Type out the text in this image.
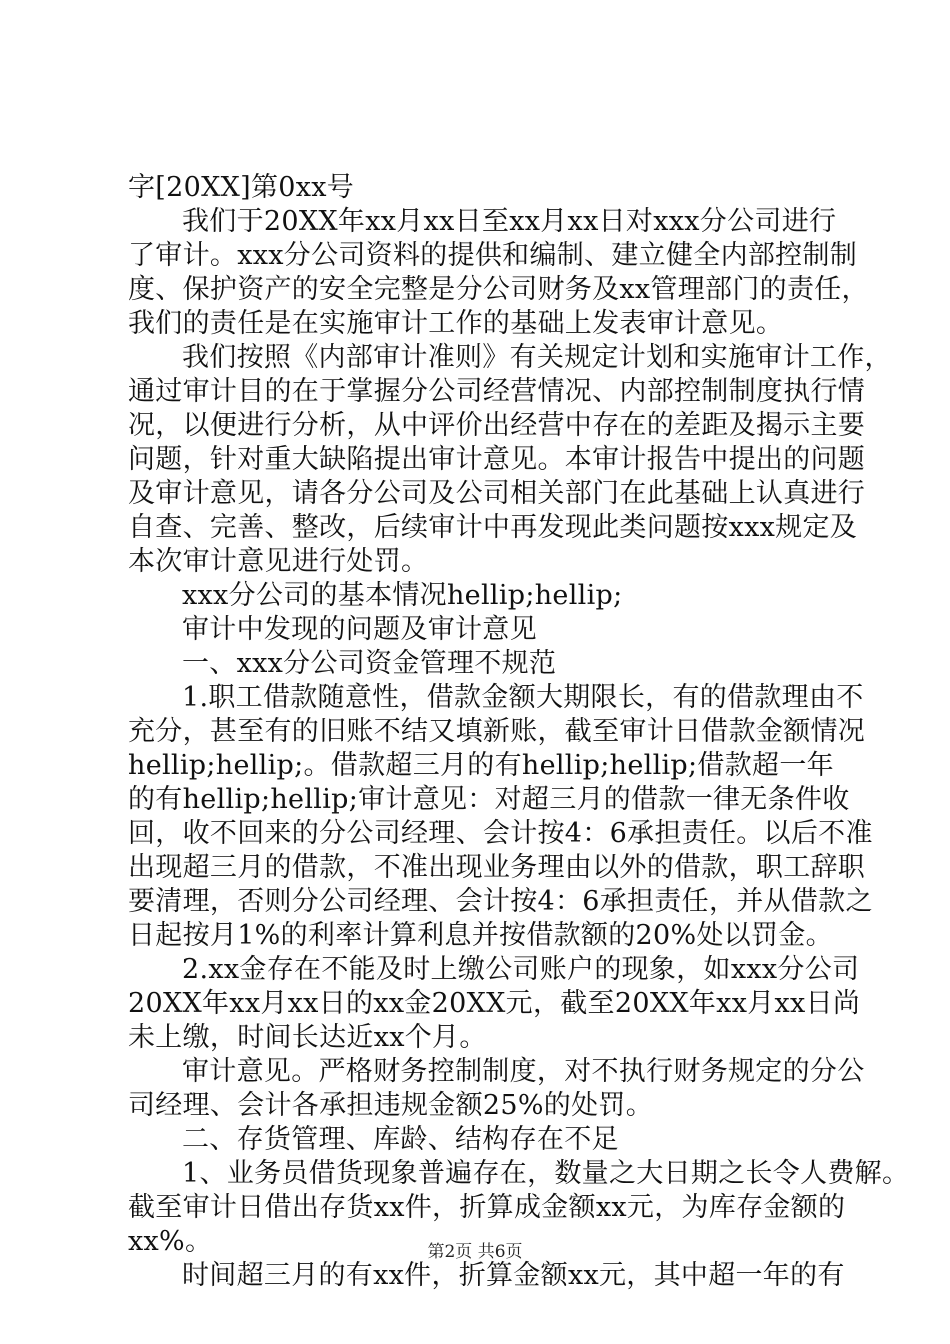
字[20XX]第0xx号
我们于20XX年xx月xx日至xx月xx日对xxx分公司进行
了审计。xxx分公司资料的提供和编制、建立健全内部控制制
度、保护资产的安全完整是分公司财务及xx管理部门的责任，
我们的责任是在实施审计工作的基础上发表审计意见。
我们按照《内部审计准则》有关规定计划和实施审计工作，
通过审计目的在于掌握分公司经营情况、内部控制制度执行情
况，以便进行分析，从中评价出经营中存在的差距及揭示主要
问题，针对重大缺陷提出审计意见。本审计报告中提出的问题
及审计意见，请各分公司及公司相关部门在此基础上认真进行
自查、完善、整改，后续审计中再发现此类问题按xxx规定及
本次审计意见进行处罚。
xxx分公司的基本情况hellip;hellip;
审计中发现的问题及审计意见
一、xxx分公司资金管理不规范
1.职工借款随意性，借款金额大期限长，有的借款理由不
充分，甚至有的旧账不结又填新账，截至审计日借款金额情况
hellip;hellip;。借款超三月的有hellip;hellip;借款超一年
的有hellip;hellip;审计意见：对超三月的借款一律无条件收
回，收不回来的分公司经理、会计按4：6承担责任。以后不准
出现超三月的借款，不准出现业务理由以外的借款，职工辞职
要清理，否则分公司经理、会计按4：6承担责任，并从借款之
日起按月1%的利率计算利息并按借款额的20%处以罚金。
2.xx金存在不能及时上缴公司账户的现象，如xxx分公司
20XX年xx月xx日的xx金20XX元，截至20XX年xx月xx日尚
未上缴，时间长达近xx个月。
审计意见。严格财务控制制度，对不执行财务规定的分公
司经理、会计各承担违规金额25%的处罚。
二、存货管理、库龄、结构存在不足
1、业务员借货现象普遍存在，数量之大日期之长令人费解。
截至审计日借出存货xx件，折算成金额xx元，为库存金额的
xx%。
时间超三月的有xx件，折算金额xx元，其中超一年的有
第2页 共6页
